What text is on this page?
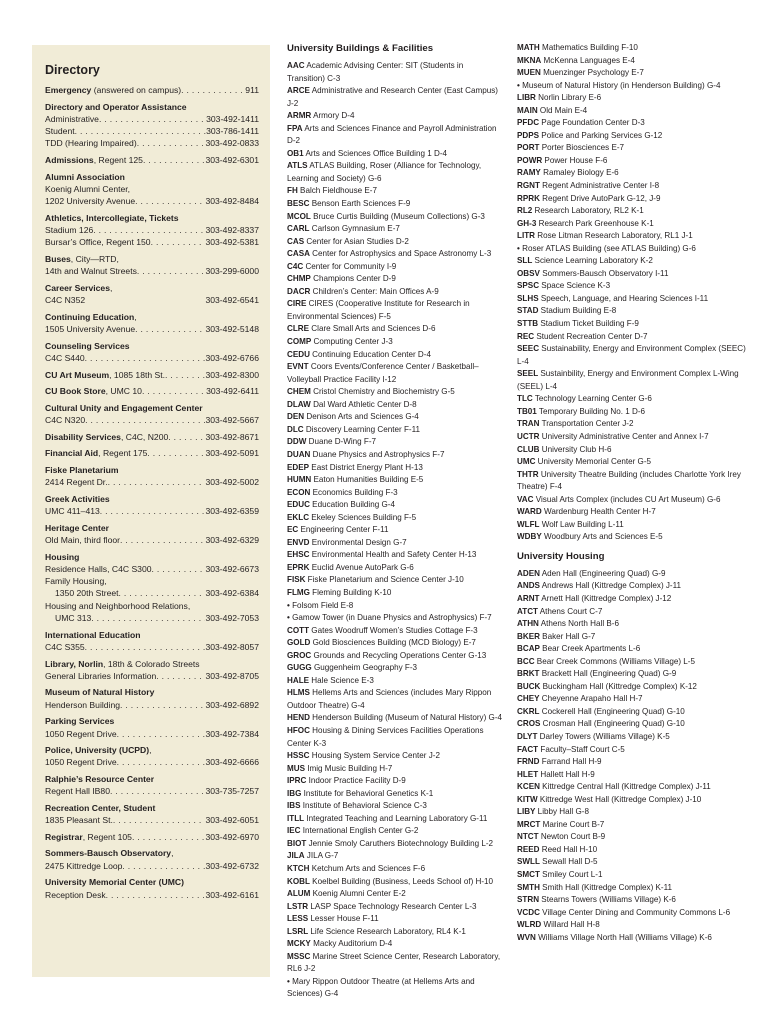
Directory
Emergency (answered on campus) . . .	911
Directory and Operator Assistance
Administrative . . .	303-492-1411
Student . . .	303-786-1411
TDD (Hearing Impaired) . . .	303-492-0833
Admissions, Regent 125 . . .	303-492-6301
Alumni Association
Koenig Alumni Center,
1202 University Avenue . . .	303-492-8484
Athletics, Intercollegiate, Tickets
Stadium 126 . . .	303-492-8337
Bursar’s Office, Regent 150 . . .	303-492-5381
Buses, City—RTD,
14th and Walnut Streets . . .	303-299-6000
Career Services,
C4C N352	303-492-6541
Continuing Education,
1505 University Avenue . . .	303-492-5148
Counseling Services
C4C S440 . . .	303-492-6766
CU Art Museum, 1085 18th St. . . .	303-492-8300
CU Book Store, UMC 10 . . .	303-492-6411
Cultural Unity and Engagement Center
C4C N320 . . .	303-492-5667
Disability Services, C4C, N200 . . .	303-492-8671
Financial Aid, Regent 175 . . .	303-492-5091
Fiske Planetarium
2414 Regent Dr. . . .	303-492-5002
Greek Activities
UMC 411–413 . . .	303-492-6359
Heritage Center
Old Main, third floor . . .	303-492-6329
Housing
Residence Halls, C4C S300 . . .	303-492-6673
Family Housing,
1350 20th Street . . .	303-492-6384
Housing and Neighborhood Relations,
UMC 313 . . .	303-492-7053
International Education
C4C S355 . . .	303-492-8057
Library, Norlin, 18th & Colorado Streets
General Libraries Information . . .	303-492-8705
Museum of Natural History
Henderson Building . . .	303-492-6892
Parking Services
1050 Regent Drive . . .	303-492-7384
Police, University (UCPD),
1050 Regent Drive . . .	303-492-6666
Ralphie’s Resource Center
Regent Hall IB80 . . .	303-735-7257
Recreation Center, Student
1835 Pleasant St. . . .	303-492-6051
Registrar, Regent 105 . . .	303-492-6970
Sommers-Bausch Observatory,
2475 Kittredge Loop . . .	303-492-6732
University Memorial Center (UMC)
Reception Desk . . .	303-492-6161
University Buildings & Facilities
AAC Academic Advising Center: SIT (Students in Transition) C-3
ARCE Administrative and Research Center (East Campus) J-2
ARMR Armory D-4
FPA Arts and Sciences Finance and Payroll Administration D-2
OB1 Arts and Sciences Office Building 1 D-4
ATLS ATLAS Building, Roser (Alliance for Technology, Learning and Society) G-6
FH Balch Fieldhouse E-7
BESC Benson Earth Sciences F-9
MCOL Bruce Curtis Building (Museum Collections) G-3
CARL Carlson Gymnasium E-7
CAS Center for Asian Studies D-2
CASA Center for Astrophysics and Space Astronomy L-3
C4C Center for Community I-9
CHMP Champions Center D-9
DACR Children’s Center: Main Offices A-9
CIRE CIRES (Cooperative Institute for Research in Environmental Sciences) F-5
CLRE Clare Small Arts and Sciences D-6
COMP Computing Center J-3
CEDU Continuing Education Center D-4
EVNT Coors Events/Conference Center / Basketball–Volleyball Practice Facility I-12
CHEM Cristol Chemistry and Biochemistry G-5
DLAW Dal Ward Athletic Center D-8
DEN Denison Arts and Sciences G-4
DLC Discovery Learning Center F-11
DDW Duane D-Wing F-7
DUAN Duane Physics and Astrophysics F-7
EDEP East District Energy Plant H-13
HUMN Eaton Humanities Building E-5
ECON Economics Building F-3
EDUC Education Building G-4
EKLC Ekeley Sciences Building F-5
EC Engineering Center F-11
ENVD Environmental Design G-7
EHSC Environmental Health and Safety Center H-13
EPRK Euclid Avenue AutoPark G-6
FISK Fiske Planetarium and Science Center J-10
FLMG Fleming Building K-10
• Folsom Field E-8
• Gamow Tower (in Duane Physics and Astrophysics) F-7
COTT Gates Woodruff Women’s Studies Cottage F-3
GOLD Gold Biosciences Building (MCD Biology) E-7
GROC Grounds and Recycling Operations Center G-13
GUGG Guggenheim Geography F-3
HALE Hale Science E-3
HLMS Hellems Arts and Sciences (includes Mary Rippon Outdoor Theatre) G-4
HEND Henderson Building (Museum of Natural History) G-4
HFOC Housing & Dining Services Facilities Operations Center K-3
HSSC Housing System Service Center J-2
MUS Imig Music Building H-7
IPRC Indoor Practice Facility D-9
IBG Institute for Behavioral Genetics K-1
IBS Institute of Behavioral Science C-3
ITLL Integrated Teaching and Learning Laboratory G-11
IEC International English Center G-2
BIOT Jennie Smoly Caruthers Biotechnology Building L-2
JILA JILA G-7
KTCH Ketchum Arts and Sciences F-6
KOBL Koelbel Building (Business, Leeds School of) H-10
ALUM Koenig Alumni Center E-2
LSTR LASP Space Technology Research Center L-3
LESS Lesser House F-11
LSRL Life Science Research Laboratory, RL4 K-1
MCKY Macky Auditorium D-4
MSSC Marine Street Science Center, Research Laboratory, RL6 J-2
• Mary Rippon Outdoor Theatre (at Hellems Arts and Sciences) G-4
MATH Mathematics Building F-10
MKNA McKenna Languages E-4
MUEN Muenzinger Psychology E-7
• Museum of Natural History (in Henderson Building) G-4
LIBR Norlin Library E-6
MAIN Old Main E-4
PFDC Page Foundation Center D-3
PDPS Police and Parking Services G-12
PORT Porter Biosciences E-7
POWR Power House F-6
RAMY Ramaley Biology E-6
RGNT Regent Administrative Center I-8
RPRK Regent Drive AutoPark G-12, J-9
RL2 Research Laboratory, RL2 K-1
GH-3 Research Park Greenhouse K-1
LITR Rose Litman Research Laboratory, RL1 J-1
• Roser ATLAS Building (see ATLAS Building) G-6
SLL Science Learning Laboratory K-2
OBSV Sommers-Bausch Observatory I-11
SPSC Space Science K-3
SLHS Speech, Language, and Hearing Sciences I-11
STAD Stadium Building E-8
STTB Stadium Ticket Building F-9
REC Student Recreation Center D-7
SEEC Sustainability, Energy and Environment Complex (SEEC) L-4
SEEL Sustainbility, Energy and Environment Complex L-Wing (SEEL) L-4
TLC Technology Learning Center G-6
TB01 Temporary Building No. 1 D-6
TRAN Transportation Center J-2
UCTR University Administrative Center and Annex I-7
CLUB University Club H-6
UMC University Memorial Center G-5
THTR University Theatre Building (includes Charlotte York Irey Theatre) F-4
VAC Visual Arts Complex (includes CU Art Museum) G-6
WARD Wardenburg Health Center H-7
WLFL Wolf Law Building L-11
WDBY Woodbury Arts and Sciences E-5
University Housing
ADEN Aden Hall (Engineering Quad) G-9
ANDS Andrews Hall (Kittredge Complex) J-11
ARNT Arnett Hall (Kittredge Complex) J-12
ATCT Athens Court C-7
ATHN Athens North Hall B-6
BKER Baker Hall G-7
BCAP Bear Creek Apartments L-6
BCC Bear Creek Commons (Williams Village) L-5
BRKT Brackett Hall (Engineering Quad) G-9
BUCK Buckingham Hall (Kittredge Complex) K-12
CHEY Cheyenne Arapaho Hall H-7
CKRL Cockerell Hall (Engineering Quad) G-10
CROS Crosman Hall (Engineering Quad) G-10
DLYT Darley Towers (Williams Village) K-5
FACT Faculty–Staff Court C-5
FRND Farrand Hall H-9
HLET Hallett Hall H-9
KCEN Kittredge Central Hall (Kittredge Complex) J-11
KITW Kittredge West Hall (Kittredge Complex) J-10
LIBY Libby Hall G-8
MRCT Marine Court B-7
NTCT Newton Court B-9
REED Reed Hall H-10
SWLL Sewall Hall D-5
SMCT Smiley Court L-1
SMTH Smith Hall (Kittredge Complex) K-11
STRN Stearns Towers (Williams Village) K-6
VCDC Village Center Dining and Community Commons L-6
WLRD Willard Hall H-8
WVN Williams Village North Hall (Williams Village) K-6
